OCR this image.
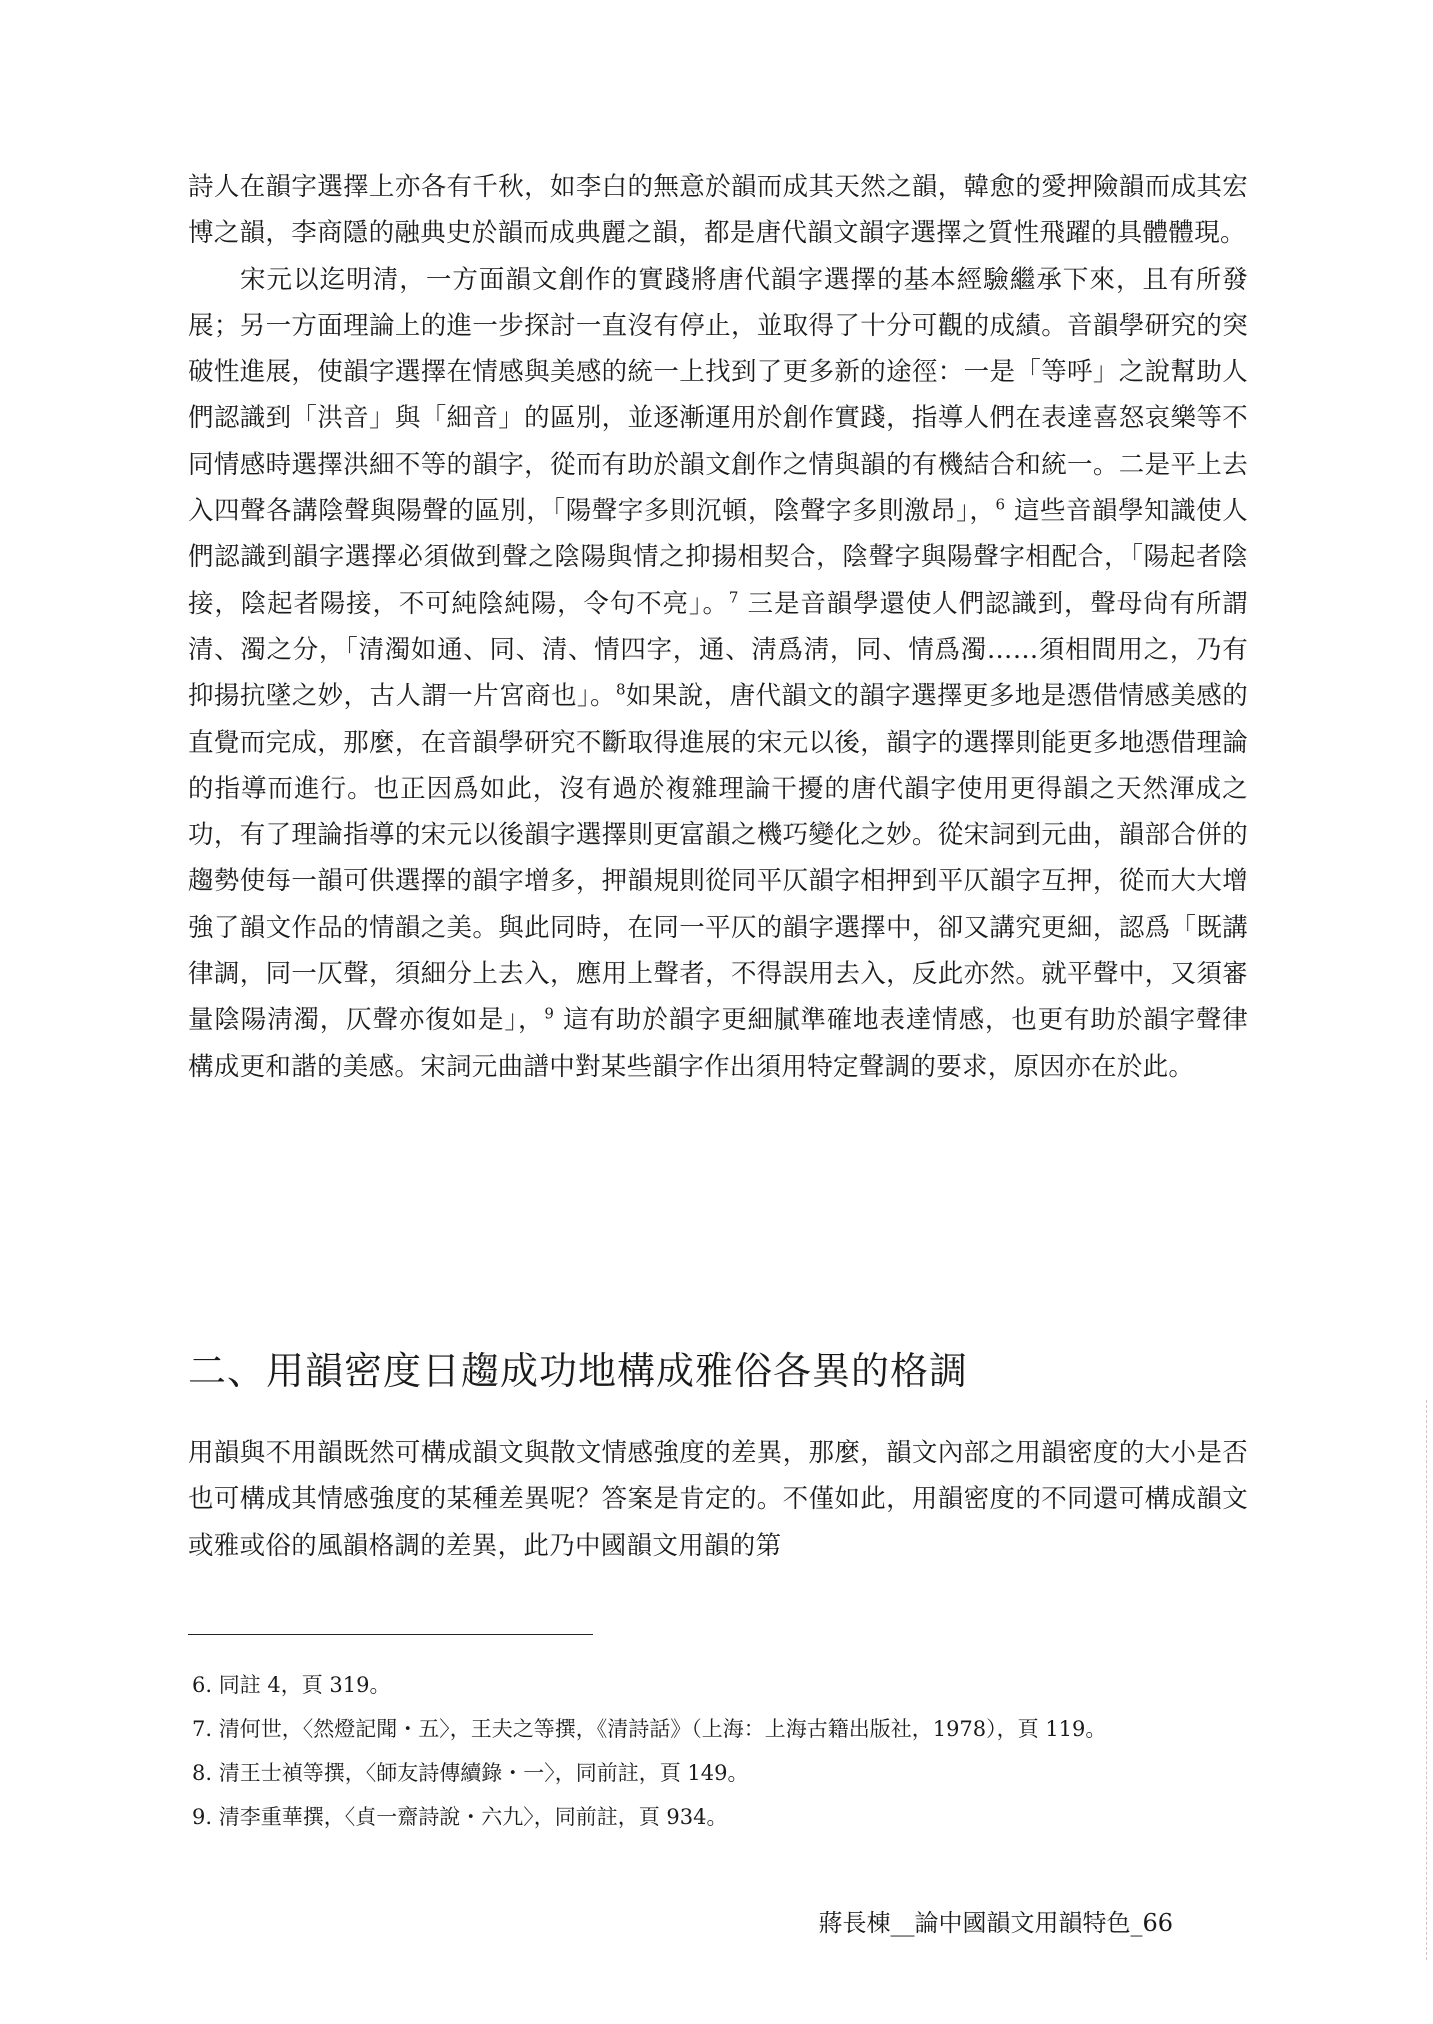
詩人在韻字選擇上亦各有千秋，如李白的無意於韻而成其天然之韻，韓愈的愛押險韻而成其宏博之韻，李商隱的融典史於韻而成典麗之韻，都是唐代韻文韻字選擇之質性飛躍的具體體現。

宋元以迄明清，一方面韻文創作的實踐將唐代韻字選擇的基本經驗繼承下來，且有所發展；另一方面理論上的進一步探討一直沒有停止，並取得了十分可觀的成績。音韻學研究的突破性進展，使韻字選擇在情感與美感的統一上找到了更多新的途徑：一是「等呼」之說幫助人們認識到「洪音」與「細音」的區別，並逐漸運用於創作實踐，指導人們在表達喜怒哀樂等不同情感時選擇洪細不等的韻字，從而有助於韻文創作之情與韻的有機結合和統一。二是平上去入四聲各講陰聲與陽聲的區別，「陽聲字多則沉頓，陰聲字多則激昂」，$^6$ 這些音韻學知識使人們認識到韻字選擇必須做到聲之陰陽與情之抑揚相契合，陰聲字與陽聲字相配合，「陽起者陰接，陰起者陽接，不可純陰純陽，令句不亮」。$^7$ 三是音韻學還使人們認識到，聲母尙有所謂清、濁之分，「清濁如通、同、清、情四字，通、淸爲淸，同、情爲濁……須相間用之，乃有抑揚抗墜之妙，古人謂一片宮商也」。$^8$如果說，唐代韻文的韻字選擇更多地是憑借情感美感的直覺而完成，那麼，在音韻學研究不斷取得進展的宋元以後，韻字的選擇則能更多地憑借理論的指導而進行。也正因爲如此，沒有過於複雜理論干擾的唐代韻字使用更得韻之天然渾成之功，有了理論指導的宋元以後韻字選擇則更富韻之機巧變化之妙。從宋詞到元曲，韻部合併的趨勢使每一韻可供選擇的韻字增多，押韻規則從同平仄韻字相押到平仄韻字互押，從而大大增強了韻文作品的情韻之美。與此同時，在同一平仄的韻字選擇中，卻又講究更細，認爲「既講律調，同一仄聲，須細分上去入，應用上聲者，不得誤用去入，反此亦然。就平聲中，又須審量陰陽淸濁，仄聲亦復如是」，$^9$ 這有助於韻字更細膩準確地表達情感，也更有助於韻字聲律構成更和諧的美感。宋詞元曲譜中對某些韻字作出須用特定聲調的要求，原因亦在於此。

二、用韻密度日趨成功地構成雅俗各異的格調

用韻與不用韻既然可構成韻文與散文情感強度的差異，那麼，韻文內部之用韻密度的大小是否也可構成其情感強度的某種差異呢？答案是肯定的。不僅如此，用韻密度的不同還可構成韻文或雅或俗的風韻格調的差異，此乃中國韻文用韻的第

6. 同註 4，頁 319。
7. 清何世，〈然燈記聞・五〉，王夫之等撰，《清詩話》（上海：上海古籍出版社，1978），頁 119。
8. 清王士禎等撰，〈師友詩傳續錄・一〉，同前註，頁 149。
9. 清李重華撰，〈貞一齋詩說・六九〉，同前註，頁 934。
蔣長棟__論中國韻文用韻特色_66
